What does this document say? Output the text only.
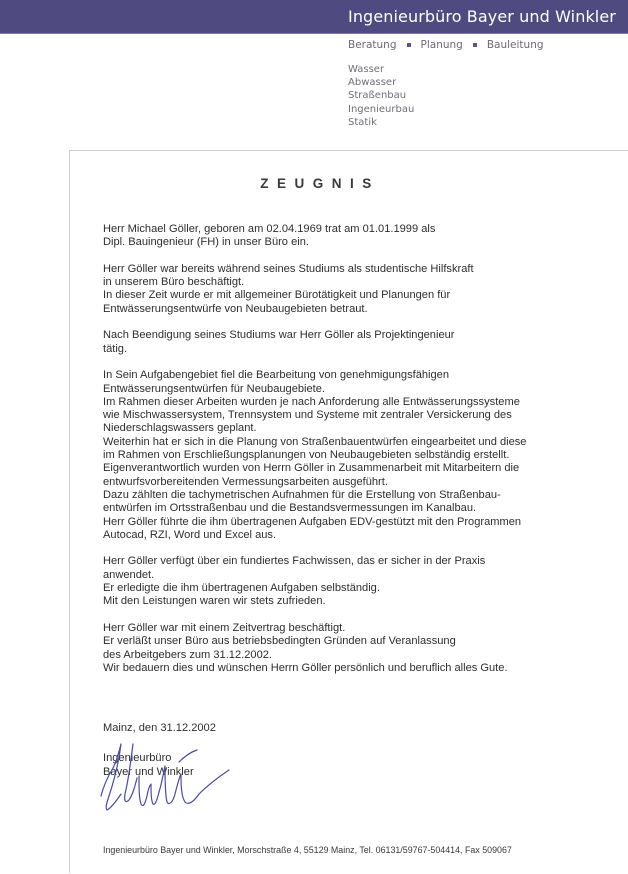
Ingenieurbüro Bayer und Winkler
Beratung Planung Bauleitung
Wasser
Abwasser
Straßenbau
Ingenieurbau
Statik
ZEUGNIS

Herr Michael Göller, geboren am 02.04.1969 trat am 01.01.1999 als
Dipl. Bauingenieur (FH) in unser Büro ein.

Herr Göller war bereits während seines Studiums als studentische Hilfskraft
in unserem Büro beschäftigt.
In dieser Zeit wurde er mit allgemeiner Bürotätigkeit und Planungen für
Entwässerungsentwürfe von Neubaugebieten betraut.

Nach Beendigung seines Studiums war Herr Göller als Projektingenieur
tätig.

In Sein Aufgabengebiet fiel die Bearbeitung von genehmigungsfähigen
Entwässerungsentwürfen für Neubaugebiete.
Im Rahmen dieser Arbeiten wurden je nach Anforderung alle Entwässerungssysteme
wie Mischwassersystem, Trennsystem und Systeme mit zentraler Versickerung des
Niederschlagswassers geplant.
Weiterhin hat er sich in die Planung von Straßenbauentwürfen eingearbeitet und diese
im Rahmen von Erschließungsplanungen von Neubaugebieten selbständig erstellt.
Eigenverantwortlich wurden von Herrn Göller in Zusammenarbeit mit Mitarbeitern die
entwurfsvorbereitenden Vermessungsarbeiten ausgeführt.
Dazu zählten die tachymetrischen Aufnahmen für die Erstellung von Straßenbau-
entwürfen im Ortsstraßenbau und die Bestandsvermessungen im Kanalbau.
Herr Göller führte die ihm übertragenen Aufgaben EDV-gestützt mit den Programmen
Autocad, RZI, Word und Excel aus.

Herr Göller verfügt über ein fundiertes Fachwissen, das er sicher in der Praxis
anwendet.
Er erledigte die ihm übertragenen Aufgaben selbständig.
Mit den Leistungen waren wir stets zufrieden.

Herr Göller war mit einem Zeitvertrag beschäftigt.
Er verläßt unser Büro aus betriebsbedingten Gründen auf Veranlassung
des Arbeitgebers zum 31.12.2002.
Wir bedauern dies und wünschen Herrn Göller persönlich und beruflich alles Gute.

Mainz, den 31.12.2002
Ingenieurbüro
Bayer und Winkler
Ingenieurbüro Bayer und Winkler, Morschstraße 4, 55129 Mainz, Tel. 06131/59767-504414, Fax 509067
